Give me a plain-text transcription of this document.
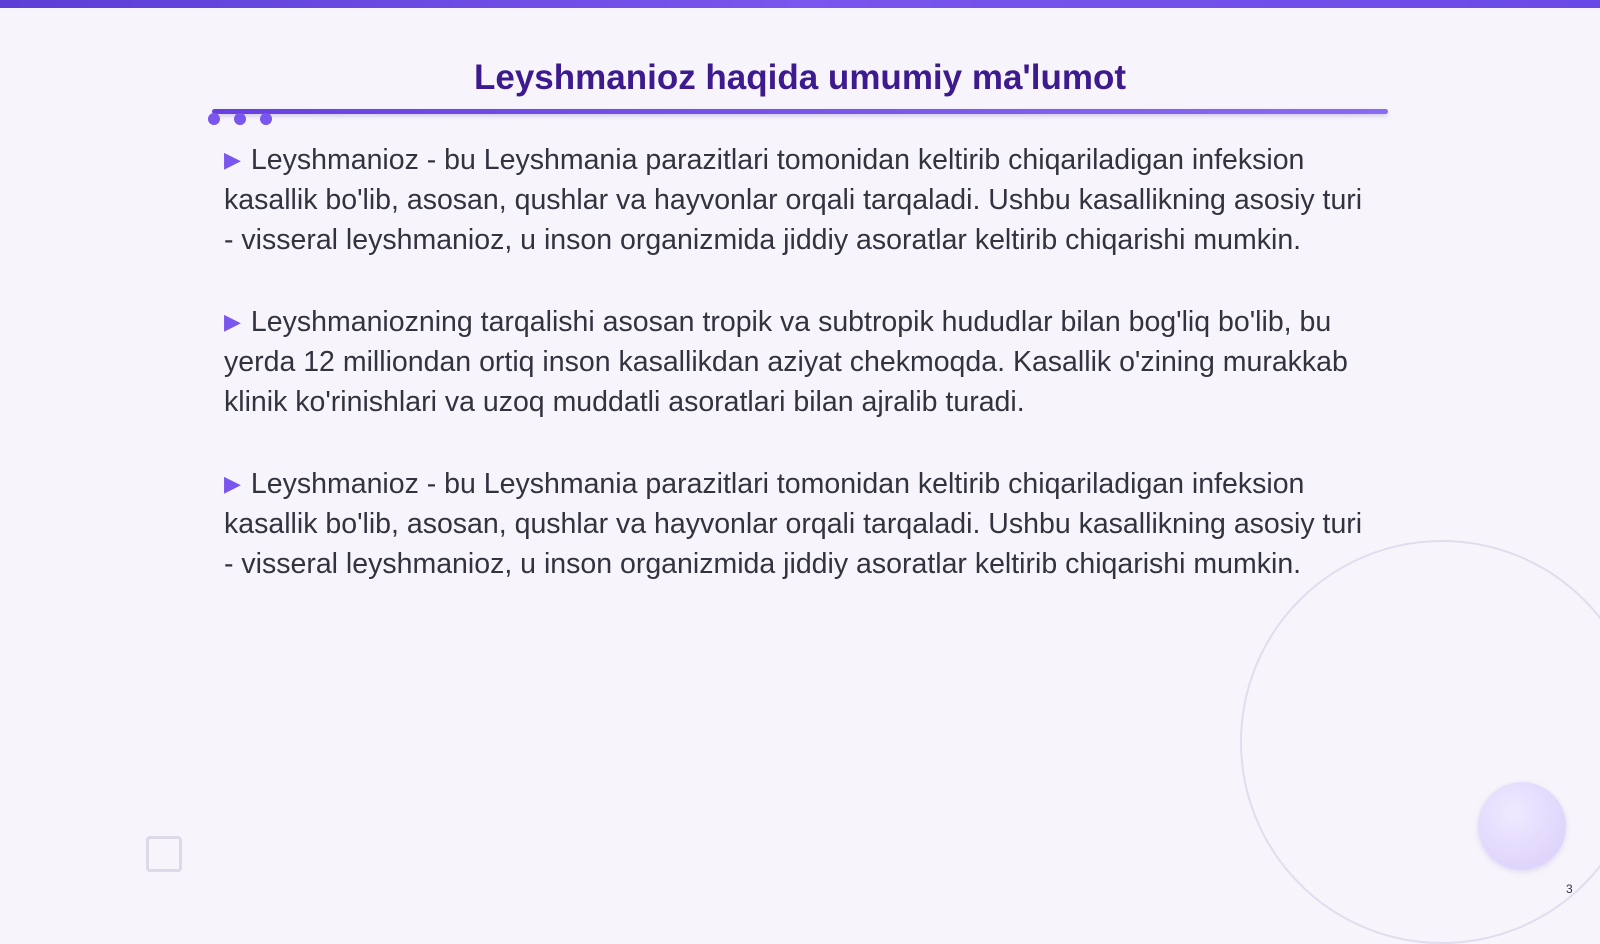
Leyshmanioz haqida umumiy ma'lumot

▶ Leyshmanioz - bu Leyshmania parazitlari tomonidan keltirib chiqariladigan infeksion kasallik bo'lib, asosan, qushlar va hayvonlar orqali tarqaladi. Ushbu kasallikning asosiy turi - visseral leyshmanioz, u inson organizmida jiddiy asoratlar keltirib chiqarishi mumkin.

▶ Leyshmaniozning tarqalishi asosan tropik va subtropik hududlar bilan bog'liq bo'lib, bu yerda 12 milliondan ortiq inson kasallikdan aziyat chekmoqda. Kasallik o'zining murakkab klinik ko'rinishlari va uzoq muddatli asoratlari bilan ajralib turadi.

▶ Leyshmanioz - bu Leyshmania parazitlari tomonidan keltirib chiqariladigan infeksion kasallik bo'lib, asosan, qushlar va hayvonlar orqali tarqaladi. Ushbu kasallikning asosiy turi - visseral leyshmanioz, u inson organizmida jiddiy asoratlar keltirib chiqarishi mumkin.

3
